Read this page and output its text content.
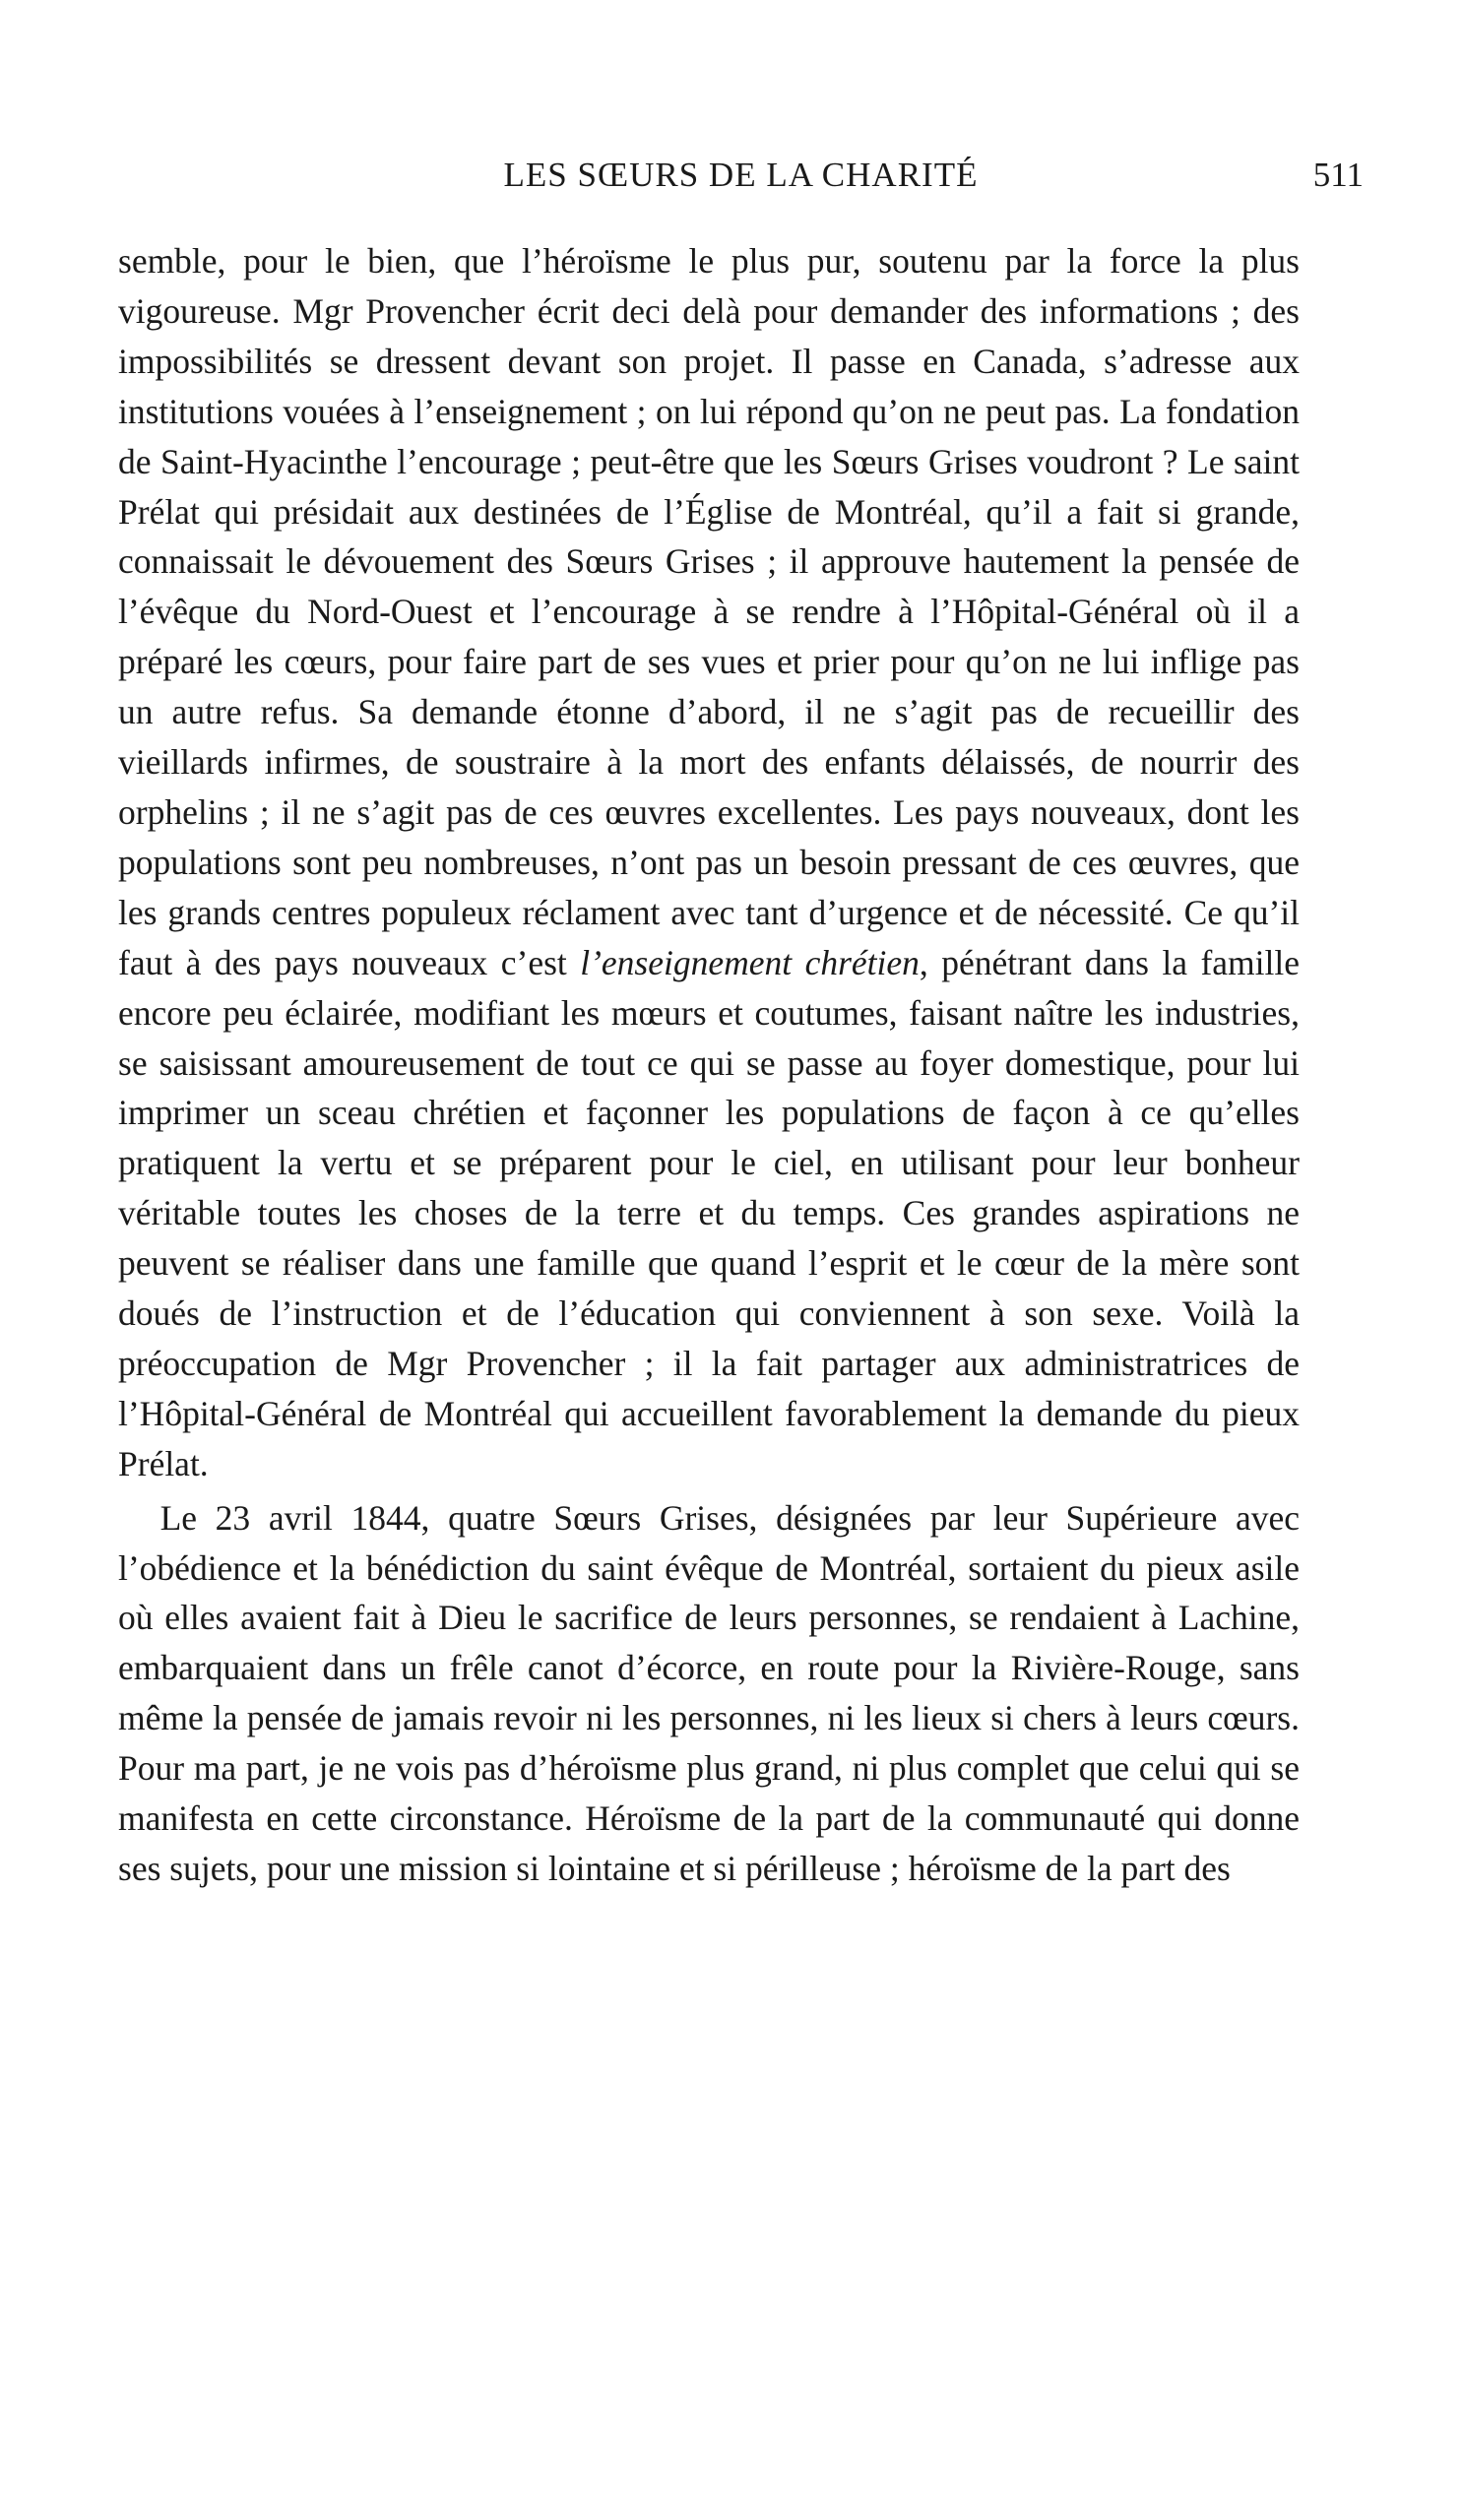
LES SŒURS DE LA CHARITÉ	511

semble, pour le bien, que l’héroïsme le plus pur, soutenu par la force la plus vigoureuse. Mgr Provencher écrit deci delà pour demander des informations ; des impossibilités se dressent devant son projet. Il passe en Canada, s’adresse aux institutions vouées à l’enseignement ; on lui répond qu’on ne peut pas. La fondation de Saint-Hyacinthe l’encourage ; peut-être que les Sœurs Grises voudront ? Le saint Prélat qui présidait aux destinées de l’Église de Montréal, qu’il a fait si grande, connaissait le dévouement des Sœurs Grises ; il approuve hautement la pensée de l’évêque du Nord-Ouest et l’encourage à se rendre à l’Hôpital-Général où il a préparé les cœurs, pour faire part de ses vues et prier pour qu’on ne lui inflige pas un autre refus. Sa demande étonne d’abord, il ne s’agit pas de recueillir des vieillards infirmes, de soustraire à la mort des enfants délaissés, de nourrir des orphelins ; il ne s’agit pas de ces œuvres excellentes. Les pays nouveaux, dont les populations sont peu nombreuses, n’ont pas un besoin pressant de ces œuvres, que les grands centres populeux réclament avec tant d’urgence et de nécessité. Ce qu’il faut à des pays nouveaux c’est l’enseignement chrétien, pénétrant dans la famille encore peu éclairée, modifiant les mœurs et coutumes, faisant naître les industries, se saisissant amoureusement de tout ce qui se passe au foyer domestique, pour lui imprimer un sceau chrétien et façonner les populations de façon à ce qu’elles pratiquent la vertu et se préparent pour le ciel, en utilisant pour leur bonheur véritable toutes les choses de la terre et du temps. Ces grandes aspirations ne peuvent se réaliser dans une famille que quand l’esprit et le cœur de la mère sont doués de l’instruction et de l’éducation qui conviennent à son sexe. Voilà la préoccupation de Mgr Provencher ; il la fait partager aux administratrices de l’Hôpital-Général de Montréal qui accueillent favorablement la demande du pieux Prélat.

Le 23 avril 1844, quatre Sœurs Grises, désignées par leur Supérieure avec l’obédience et la bénédiction du saint évêque de Montréal, sortaient du pieux asile où elles avaient fait à Dieu le sacrifice de leurs personnes, se rendaient à Lachine, embarquaient dans un frêle canot d’écorce, en route pour la Rivière-Rouge, sans même la pensée de jamais revoir ni les personnes, ni les lieux si chers à leurs cœurs. Pour ma part, je ne vois pas d’héroïsme plus grand, ni plus complet que celui qui se manifesta en cette circonstance. Héroïsme de la part de la communauté qui donne ses sujets, pour une mission si lointaine et si périlleuse ; héroïsme de la part des
